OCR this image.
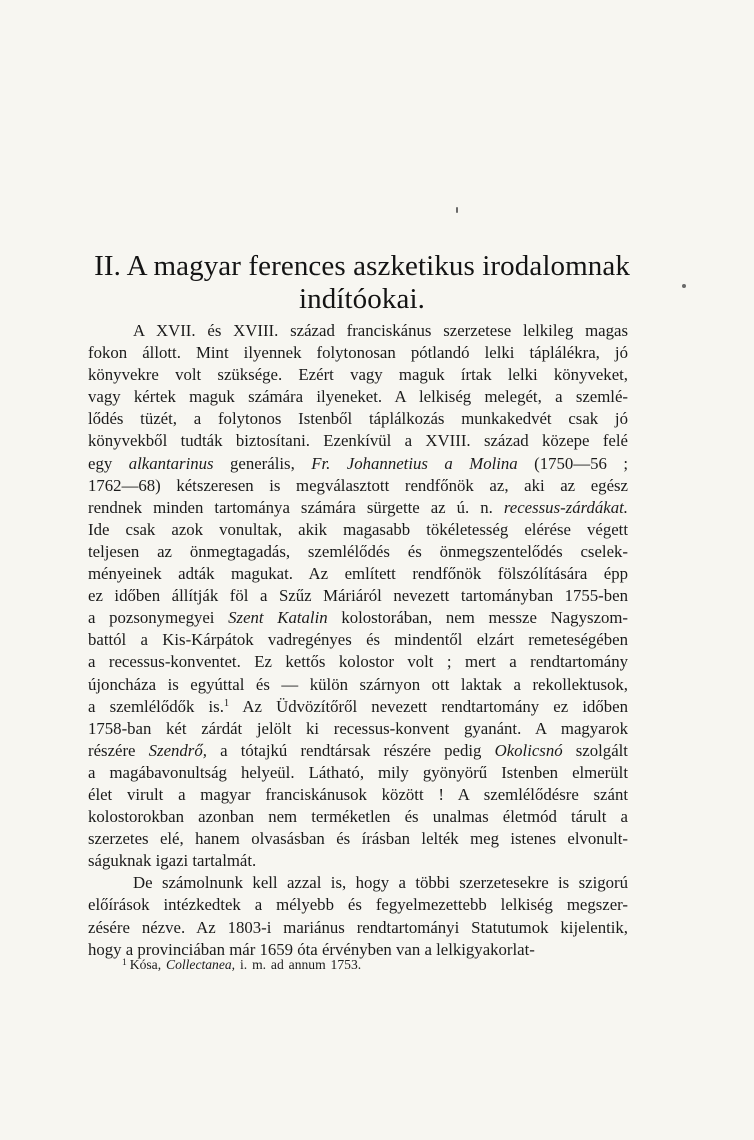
II. A magyar ferences aszketikus irodalomnak
indítóokai.
A XVII. és XVIII. század franciskánus szerzetese lelkileg magas
fokon állott. Mint ilyennek folytonosan pótlandó lelki táplálékra, jó
könyvekre volt szüksége. Ezért vagy maguk írtak lelki könyveket,
vagy kértek maguk számára ilyeneket. A lelkiség melegét, a szemlé-
lődés tüzét, a folytonos Istenből táplálkozás munkakedvét csak jó
könyvekből tudták biztosítani. Ezenkívül a XVIII. század közepe felé
egy alkantarinus generális, Fr. Johannetius a Molina (1750—56 ;
1762—68) kétszeresen is megválasztott rendfőnök az, aki az egész
rendnek minden tartománya számára sürgette az ú. n. recessus-zárdákat.
Ide csak azok vonultak, akik magasabb tökéletesség elérése végett
teljesen az önmegtagadás, szemlélődés és önmegszentelődés cselek-
ményeinek adták magukat. Az említett rendfőnök fölszólítására épp
ez időben állítják föl a Szűz Máriáról nevezett tartományban 1755-ben
a pozsonymegyei Szent Katalin kolostorában, nem messze Nagyszom-
battól a Kis-Kárpátok vadregényes és mindentől elzárt remeteségében
a recessus-konventet. Ez kettős kolostor volt ; mert a rendtartomány
újoncháza is egyúttal és — külön szárnyon ott laktak a rekollektusok,
a szemlélődők is.$^1$ Az Üdvözítőről nevezett rendtartomány ez időben
1758-ban két zárdát jelölt ki recessus-konvent gyanánt. A magyarok
részére Szendrő, a tótajkú rendtársak részére pedig Okolicsnó szolgált
a magábavonultság helyeül. Látható, mily gyönyörű Istenben elmerült
élet virult a magyar franciskánusok között ! A szemlélődésre szánt
kolostorokban azonban nem terméketlen és unalmas életmód tárult a
szerzetes elé, hanem olvasásban és írásban lelték meg istenes elvonult-
ságuknak igazi tartalmát.
De számolnunk kell azzal is, hogy a többi szerzetesekre is szigorú
előírások intézkedtek a mélyebb és fegyelmezettebb lelkiség megszer-
zésére nézve. Az 1803-i mariánus rendtartományi Statutumok kijelentik,
hogy a provinciában már 1659 óta érvényben van a lelkigyakorlat-
$^1$ Kósa, Collectanea, i. m. ad annum 1753.
